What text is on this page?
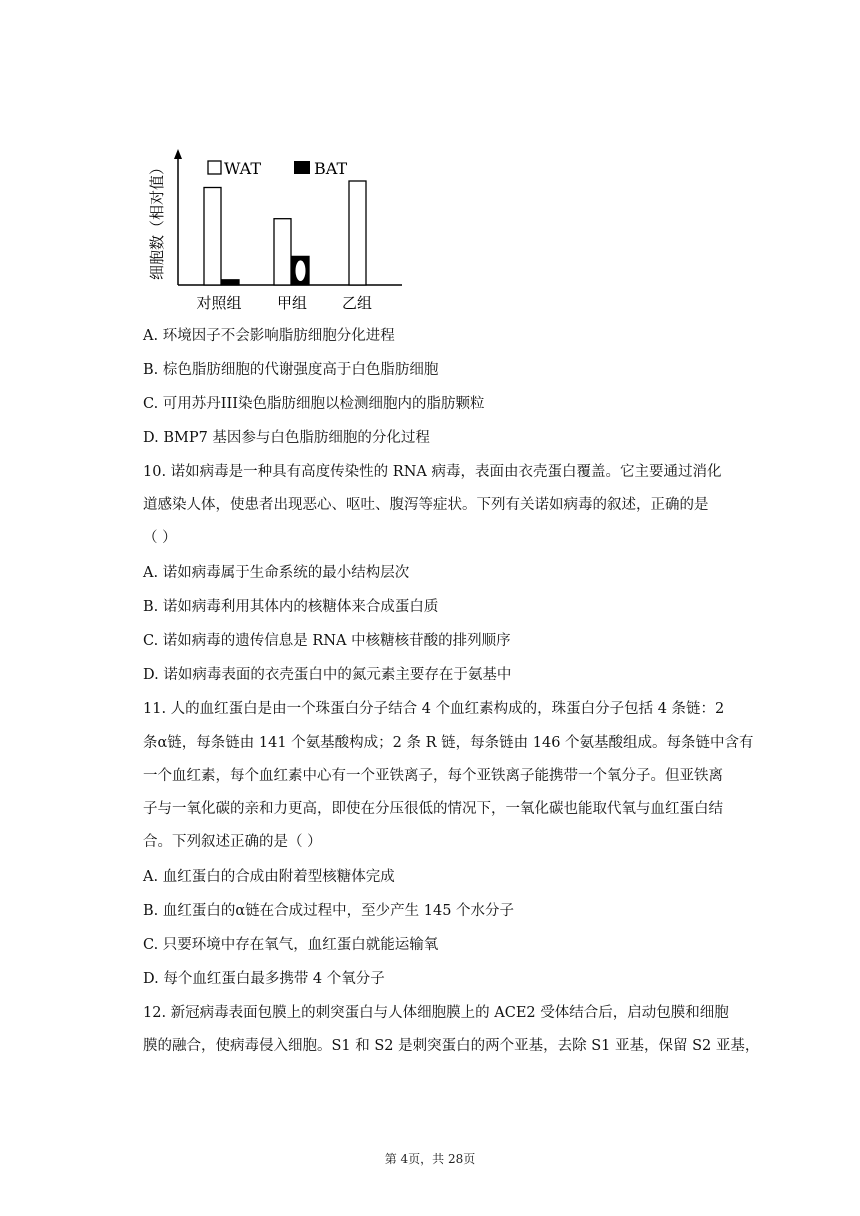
细胞数（相对值）	WAT	BAT
对照组 甲组 乙组
A. 环境因子不会影响脂肪细胞分化进程
B. 棕色脂肪细胞的代谢强度高于白色脂肪细胞
C. 可用苏丹III染色脂肪细胞以检测细胞内的脂肪颗粒
D. BMP7 基因参与白色脂肪细胞的分化过程
10. 诺如病毒是一种具有高度传染性的 RNA 病毒，表面由衣壳蛋白覆盖。它主要通过消化
道感染人体，使患者出现恶心、呕吐、腹泻等症状。下列有关诺如病毒的叙述，正确的是
（ ）
A. 诺如病毒属于生命系统的最小结构层次
B. 诺如病毒利用其体内的核糖体来合成蛋白质
C. 诺如病毒的遗传信息是 RNA 中核糖核苷酸的排列顺序
D. 诺如病毒表面的衣壳蛋白中的氮元素主要存在于氨基中
11. 人的血红蛋白是由一个珠蛋白分子结合 4 个血红素构成的，珠蛋白分子包括 4 条链：2
条α链，每条链由 141 个氨基酸构成；2 条 R 链，每条链由 146 个氨基酸组成。每条链中含有
一个血红素，每个血红素中心有一个亚铁离子，每个亚铁离子能携带一个氧分子。但亚铁离
子与一氧化碳的亲和力更高，即使在分压很低的情况下，一氧化碳也能取代氧与血红蛋白结
合。下列叙述正确的是（ ）
A. 血红蛋白的合成由附着型核糖体完成
B. 血红蛋白的α链在合成过程中，至少产生 145 个水分子
C. 只要环境中存在氧气，血红蛋白就能运输氧
D. 每个血红蛋白最多携带 4 个氧分子
12. 新冠病毒表面包膜上的刺突蛋白与人体细胞膜上的 ACE2 受体结合后，启动包膜和细胞
膜的融合，使病毒侵入细胞。S1 和 S2 是刺突蛋白的两个亚基，去除 S1 亚基，保留 S2 亚基，
第 4页，共 28页
